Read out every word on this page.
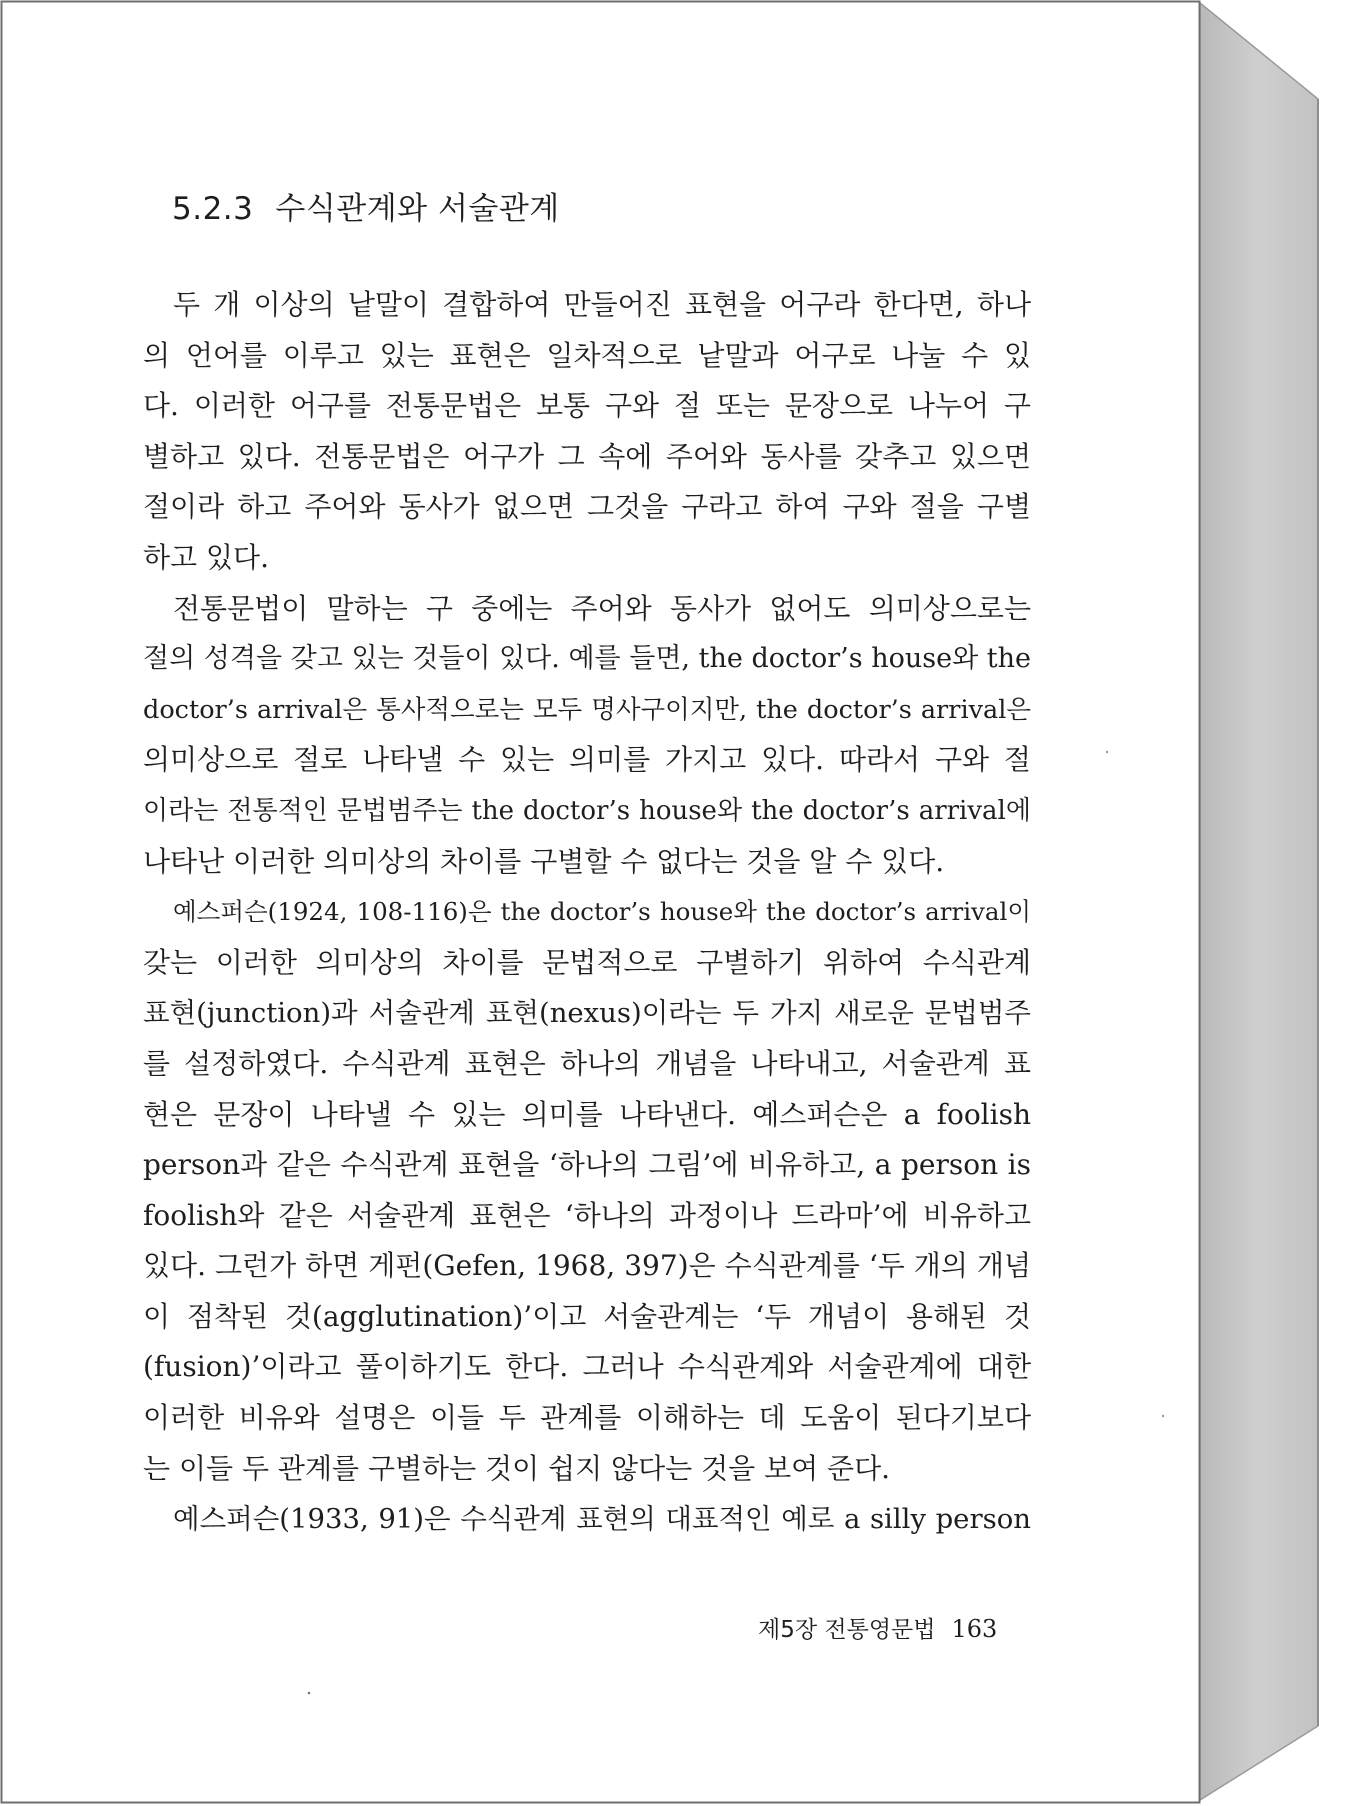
5.2.3 수식관계와 서술관계
두 개 이상의 낱말이 결합하여 만들어진 표현을 어구라 한다면, 하나
의 언어를 이루고 있는 표현은 일차적으로 낱말과 어구로 나눌 수 있
다. 이러한 어구를 전통문법은 보통 구와 절 또는 문장으로 나누어 구
별하고 있다. 전통문법은 어구가 그 속에 주어와 동사를 갖추고 있으면
절이라 하고 주어와 동사가 없으면 그것을 구라고 하여 구와 절을 구별
하고 있다.
전통문법이 말하는 구 중에는 주어와 동사가 없어도 의미상으로는
절의 성격을 갖고 있는 것들이 있다. 예를 들면, the doctor’s house와 the
doctor’s arrival은 통사적으로는 모두 명사구이지만, the doctor’s arrival은
의미상으로 절로 나타낼 수 있는 의미를 가지고 있다. 따라서 구와 절
이라는 전통적인 문법범주는 the doctor’s house와 the doctor’s arrival에
나타난 이러한 의미상의 차이를 구별할 수 없다는 것을 알 수 있다.
예스퍼슨(1924, 108-116)은 the doctor’s house와 the doctor’s arrival이
갖는 이러한 의미상의 차이를 문법적으로 구별하기 위하여 수식관계
표현(junction)과 서술관계 표현(nexus)이라는 두 가지 새로운 문법범주
를 설정하였다. 수식관계 표현은 하나의 개념을 나타내고, 서술관계 표
현은 문장이 나타낼 수 있는 의미를 나타낸다. 예스퍼슨은 a foolish
person과 같은 수식관계 표현을 ‘하나의 그림’에 비유하고, a person is
foolish와 같은 서술관계 표현은 ‘하나의 과정이나 드라마’에 비유하고
있다. 그런가 하면 게펀(Gefen, 1968, 397)은 수식관계를 ‘두 개의 개념
이 점착된 것(agglutination)’이고 서술관계는 ‘두 개념이 용해된 것
(fusion)’이라고 풀이하기도 한다. 그러나 수식관계와 서술관계에 대한
이러한 비유와 설명은 이들 두 관계를 이해하는 데 도움이 된다기보다
는 이들 두 관계를 구별하는 것이 쉽지 않다는 것을 보여 준다.
예스퍼슨(1933, 91)은 수식관계 표현의 대표적인 예로 a silly person
제5장 전통영문법 163
